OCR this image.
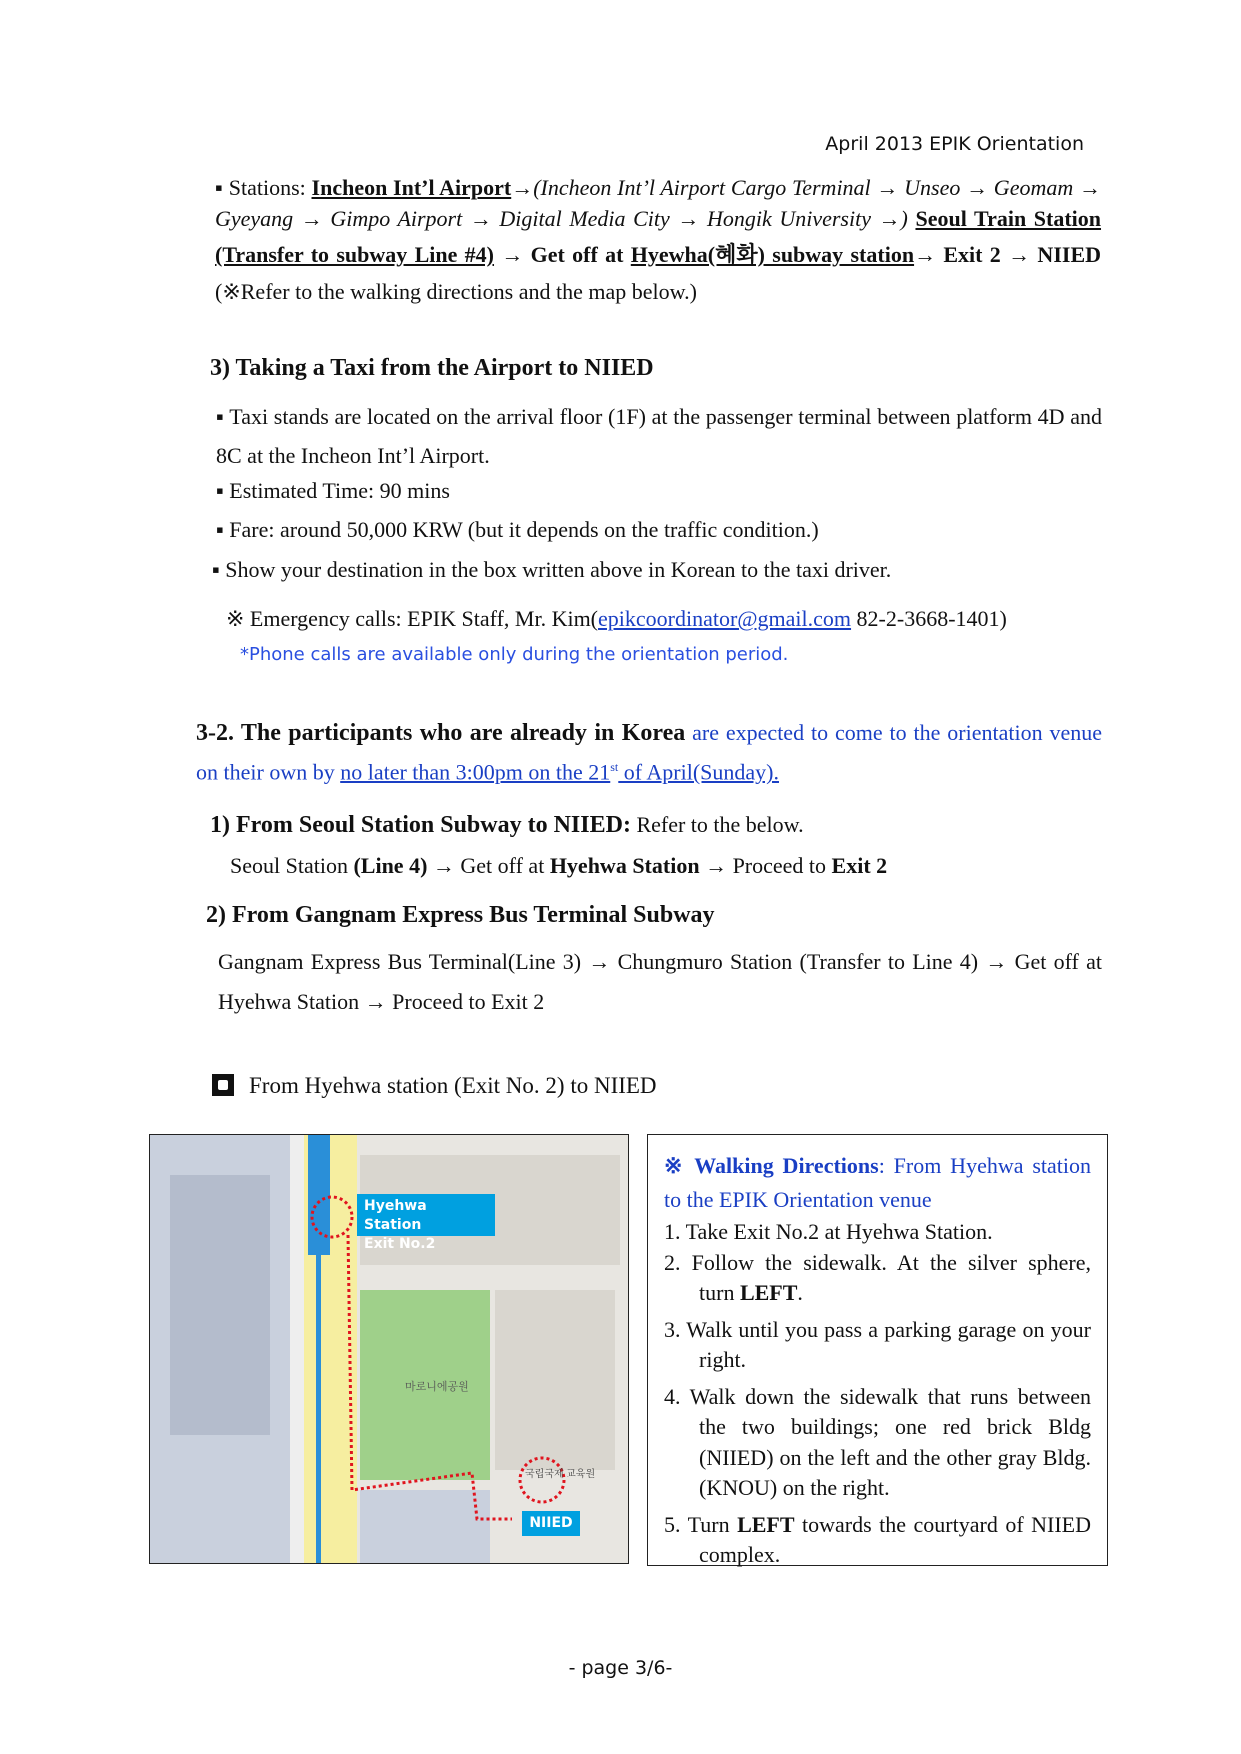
April 2013 EPIK Orientation
▪ Stations: Incheon Int’l Airport→(Incheon Int’l Airport Cargo Terminal → Unseo → Geomam → Gyeyang → Gimpo Airport → Digital Media City → Hongik University →) Seoul Train Station (Transfer to subway Line #4) → Get off at Hyewha(혜화) subway station→ Exit 2 → NIIED (※Refer to the walking directions and the map below.)
3) Taking a Taxi from the Airport to NIIED
▪ Taxi stands are located on the arrival floor (1F) at the passenger terminal between platform 4D and 8C at the Incheon Int’l Airport.
▪ Estimated Time: 90 mins
▪ Fare: around 50,000 KRW (but it depends on the traffic condition.)
▪ Show your destination in the box written above in Korean to the taxi driver.
※ Emergency calls: EPIK Staff, Mr. Kim(epikcoordinator@gmail.com 82-2-3668-1401)
*Phone calls are available only during the orientation period.
3-2. The participants who are already in Korea are expected to come to the orientation venue on their own by no later than 3:00pm on the 21st of April(Sunday).
1) From Seoul Station Subway to NIIED: Refer to the below.
Seoul Station (Line 4) → Get off at Hyehwa Station → Proceed to Exit 2
2) From Gangnam Express Bus Terminal Subway
Gangnam Express Bus Terminal(Line 3) → Chungmuro Station (Transfer to Line 4) → Get off at Hyehwa Station → Proceed to Exit 2
From Hyehwa station (Exit No. 2) to NIIED
마로니에공원
국립국제 교육원
Hyehwa Station
Exit No.2
NIIED

※ Walking Directions: From Hyehwa station to the EPIK Orientation venue

1. Take Exit No.2 at Hyehwa Station.

2. Follow the sidewalk. At the silver sphere, turn LEFT.

3. Walk until you pass a parking garage on your right.

4. Walk down the sidewalk that runs between the two buildings; one red brick Bldg (NIIED) on the left and the other gray Bldg.(KNOU) on the right.

5. Turn LEFT towards the courtyard of NIIED complex.

- page 3/6-
